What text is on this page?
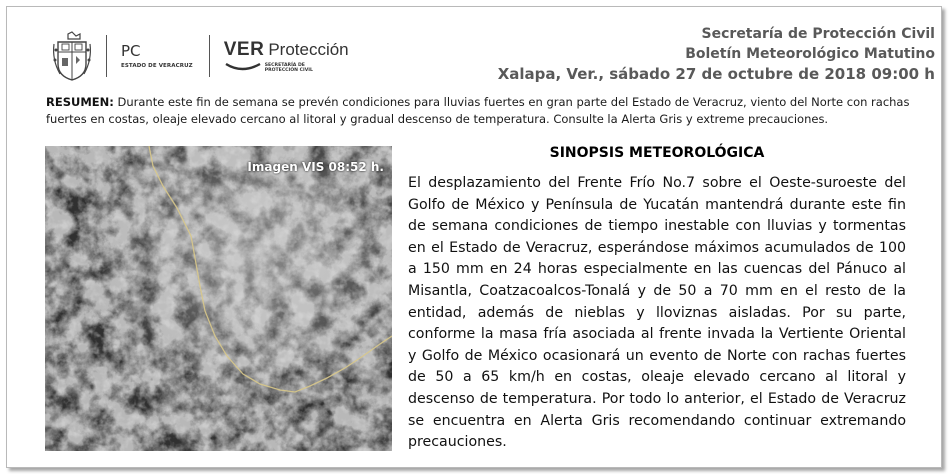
PC
ESTADO DE VERACRUZ
VER Protección
SECRETARÍA DE
PROTECCIÓN CIVIL
Secretaría de Protección Civil
Boletín Meteorológico Matutino
Xalapa, Ver., sábado 27 de octubre de 2018 09:00 h
RESUMEN: Durante este fin de semana se prevén condiciones para lluvias fuertes en gran parte del Estado de Veracruz, viento del Norte con rachas fuertes en costas, oleaje elevado cercano al litoral y gradual descenso de temperatura. Consulte la Alerta Gris y extreme precauciones.
Imagen VIS 08:52 h.
SINOPSIS METEOROLÓGICA
El desplazamiento del Frente Frío No.7 sobre el Oeste-suroeste del Golfo de México y Península de Yucatán mantendrá durante este fin de semana condiciones de tiempo inestable con lluvias y tormentas en el Estado de Veracruz, esperándose máximos acumulados de 100 a 150 mm en 24 horas especialmente en las cuencas del Pánuco al Misantla, Coatzacoalcos-Tonalá y de 50 a 70 mm en el resto de la entidad, además de nieblas y lloviznas aisladas. Por su parte, conforme la masa fría asociada al frente invada la Vertiente Oriental y Golfo de México ocasionará un evento de Norte con rachas fuertes de 50 a 65 km/h en costas, oleaje elevado cercano al litoral y descenso de temperatura. Por todo lo anterior, el Estado de Veracruz se encuentra en Alerta Gris recomendando continuar extremando precauciones.
